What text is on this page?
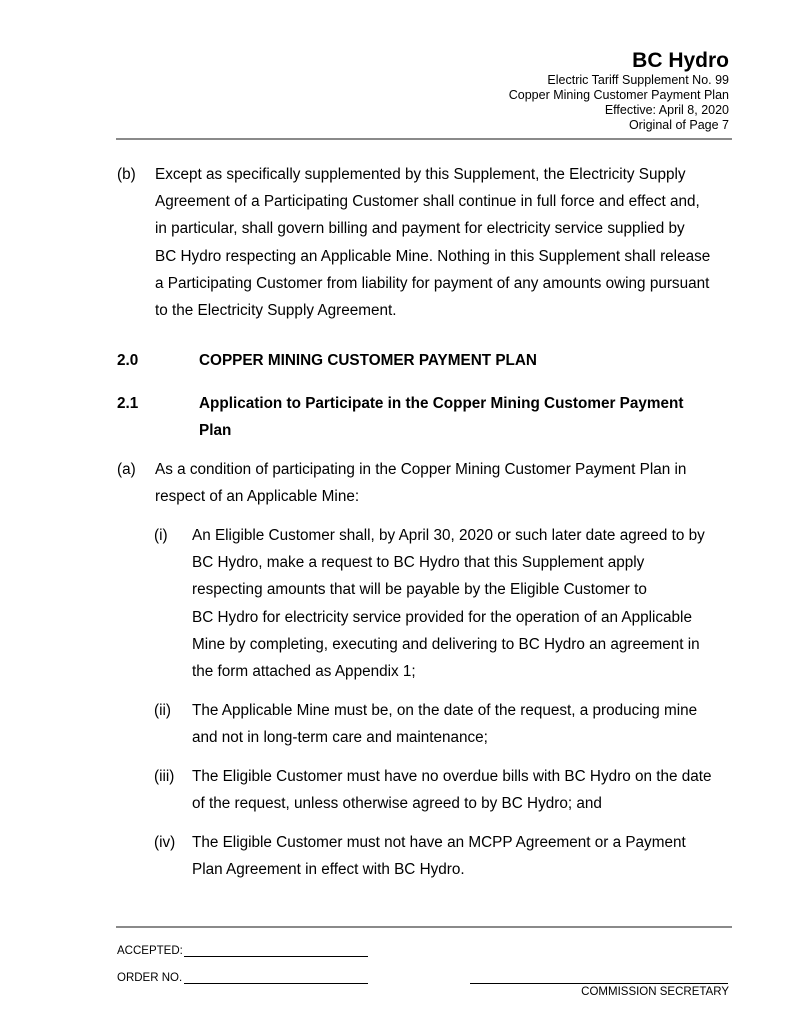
BC Hydro
Electric Tariff Supplement No. 99
Copper Mining Customer Payment Plan
Effective: April 8, 2020
Original of Page 7
(b) Except as specifically supplemented by this Supplement, the Electricity Supply
Agreement of a Participating Customer shall continue in full force and effect and,
in particular, shall govern billing and payment for electricity service supplied by
BC Hydro respecting an Applicable Mine. Nothing in this Supplement shall release
a Participating Customer from liability for payment of any amounts owing pursuant
to the Electricity Supply Agreement.
2.0	COPPER MINING CUSTOMER PAYMENT PLAN
2.1	Application to Participate in the Copper Mining Customer Payment
Plan
(a) As a condition of participating in the Copper Mining Customer Payment Plan in
respect of an Applicable Mine:
(i) An Eligible Customer shall, by April 30, 2020 or such later date agreed to by
BC Hydro, make a request to BC Hydro that this Supplement apply
respecting amounts that will be payable by the Eligible Customer to
BC Hydro for electricity service provided for the operation of an Applicable
Mine by completing, executing and delivering to BC Hydro an agreement in
the form attached as Appendix 1;
(ii) The Applicable Mine must be, on the date of the request, a producing mine
and not in long-term care and maintenance;
(iii) The Eligible Customer must have no overdue bills with BC Hydro on the date
of the request, unless otherwise agreed to by BC Hydro; and
(iv) The Eligible Customer must not have an MCPP Agreement or a Payment
Plan Agreement in effect with BC Hydro.
ACCEPTED:
ORDER NO.
COMMISSION SECRETARY
